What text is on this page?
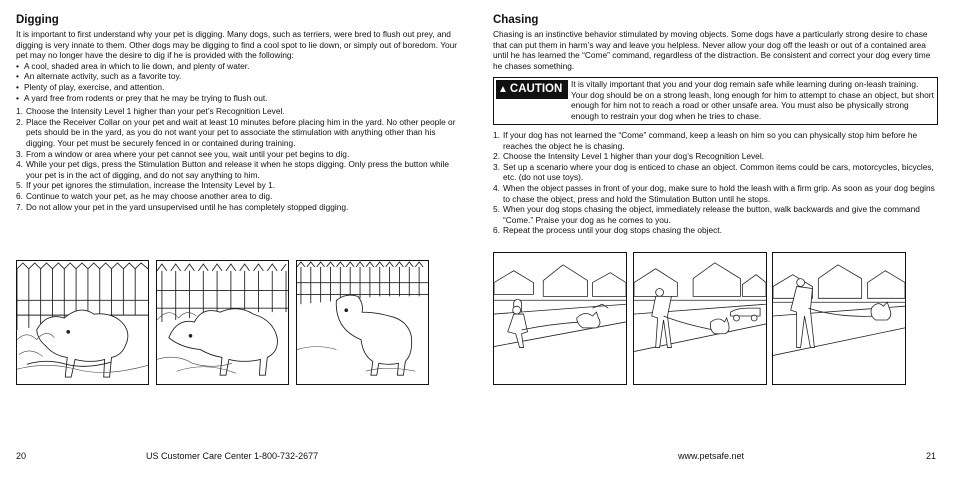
Digging

It is important to first understand why your pet is digging. Many dogs, such as terriers, were bred to flush out prey, and digging is very innate to them. Other dogs may be digging to find a cool spot to lie down, or simply out of boredom. Your pet may no longer have the desire to dig if he is provided with the following:

• A cool, shaded area in which to lie down, and plenty of water.
• An alternate activity, such as a favorite toy.
• Plenty of play, exercise, and attention.
• A yard free from rodents or prey that he may be trying to flush out.
1. Choose the Intensity Level 1 higher than your pet’s Recognition Level.
2. Place the Receiver Collar on your pet and wait at least 10 minutes before placing him in the yard. No other people or pets should be in the yard, as you do not want your pet to associate the stimulation with anything other than his digging. Your pet must be securely fenced in or contained during training.
3. From a window or area where your pet cannot see you, wait until your pet begins to dig.
4. While your pet digs, press the Stimulation Button and release it when he stops digging. Only press the button while your pet is in the act of digging, and do not say anything to him.
5. If your pet ignores the stimulation, increase the Intensity Level by 1.
6. Continue to watch your pet, as he may choose another area to dig.
7. Do not allow your pet in the yard unsupervised until he has completely stopped digging.
20	US Customer Care Center 1-800-732-2677
Chasing
Chasing is an instinctive behavior stimulated by moving objects. Some dogs have a particularly strong desire to chase that can put them in harm’s way and leave you helpless. Never allow your dog off the leash or out of a contained area until he has learned the “Come” command, regardless of the distraction. Be consistent and correct your dog every time he chases something.
▲ CAUTION It is vitally important that you and your dog remain safe while learning during on-leash training. Your dog should be on a strong leash, long enough for him to attempt to chase an object, but short enough for him not to reach a road or other unsafe area. You must also be physically strong enough to restrain your dog when he tries to chase.
1. If your dog has not learned the “Come” command, keep a leash on him so you can physically stop him before he reaches the object he is chasing.
2. Choose the Intensity Level 1 higher than your dog’s Recognition Level.
3. Set up a scenario where your dog is enticed to chase an object. Common items could be cars, motorcycles, bicycles, etc. (do not use toys).
4. When the object passes in front of your dog, make sure to hold the leash with a firm grip. As soon as your dog begins to chase the object, press and hold the Stimulation Button until he stops.
5. When your dog stops chasing the object, immediately release the button, walk backwards and give the command “Come.” Praise your dog as he comes to you.
6. Repeat the process until your dog stops chasing the object.
www.petsafe.net	21
